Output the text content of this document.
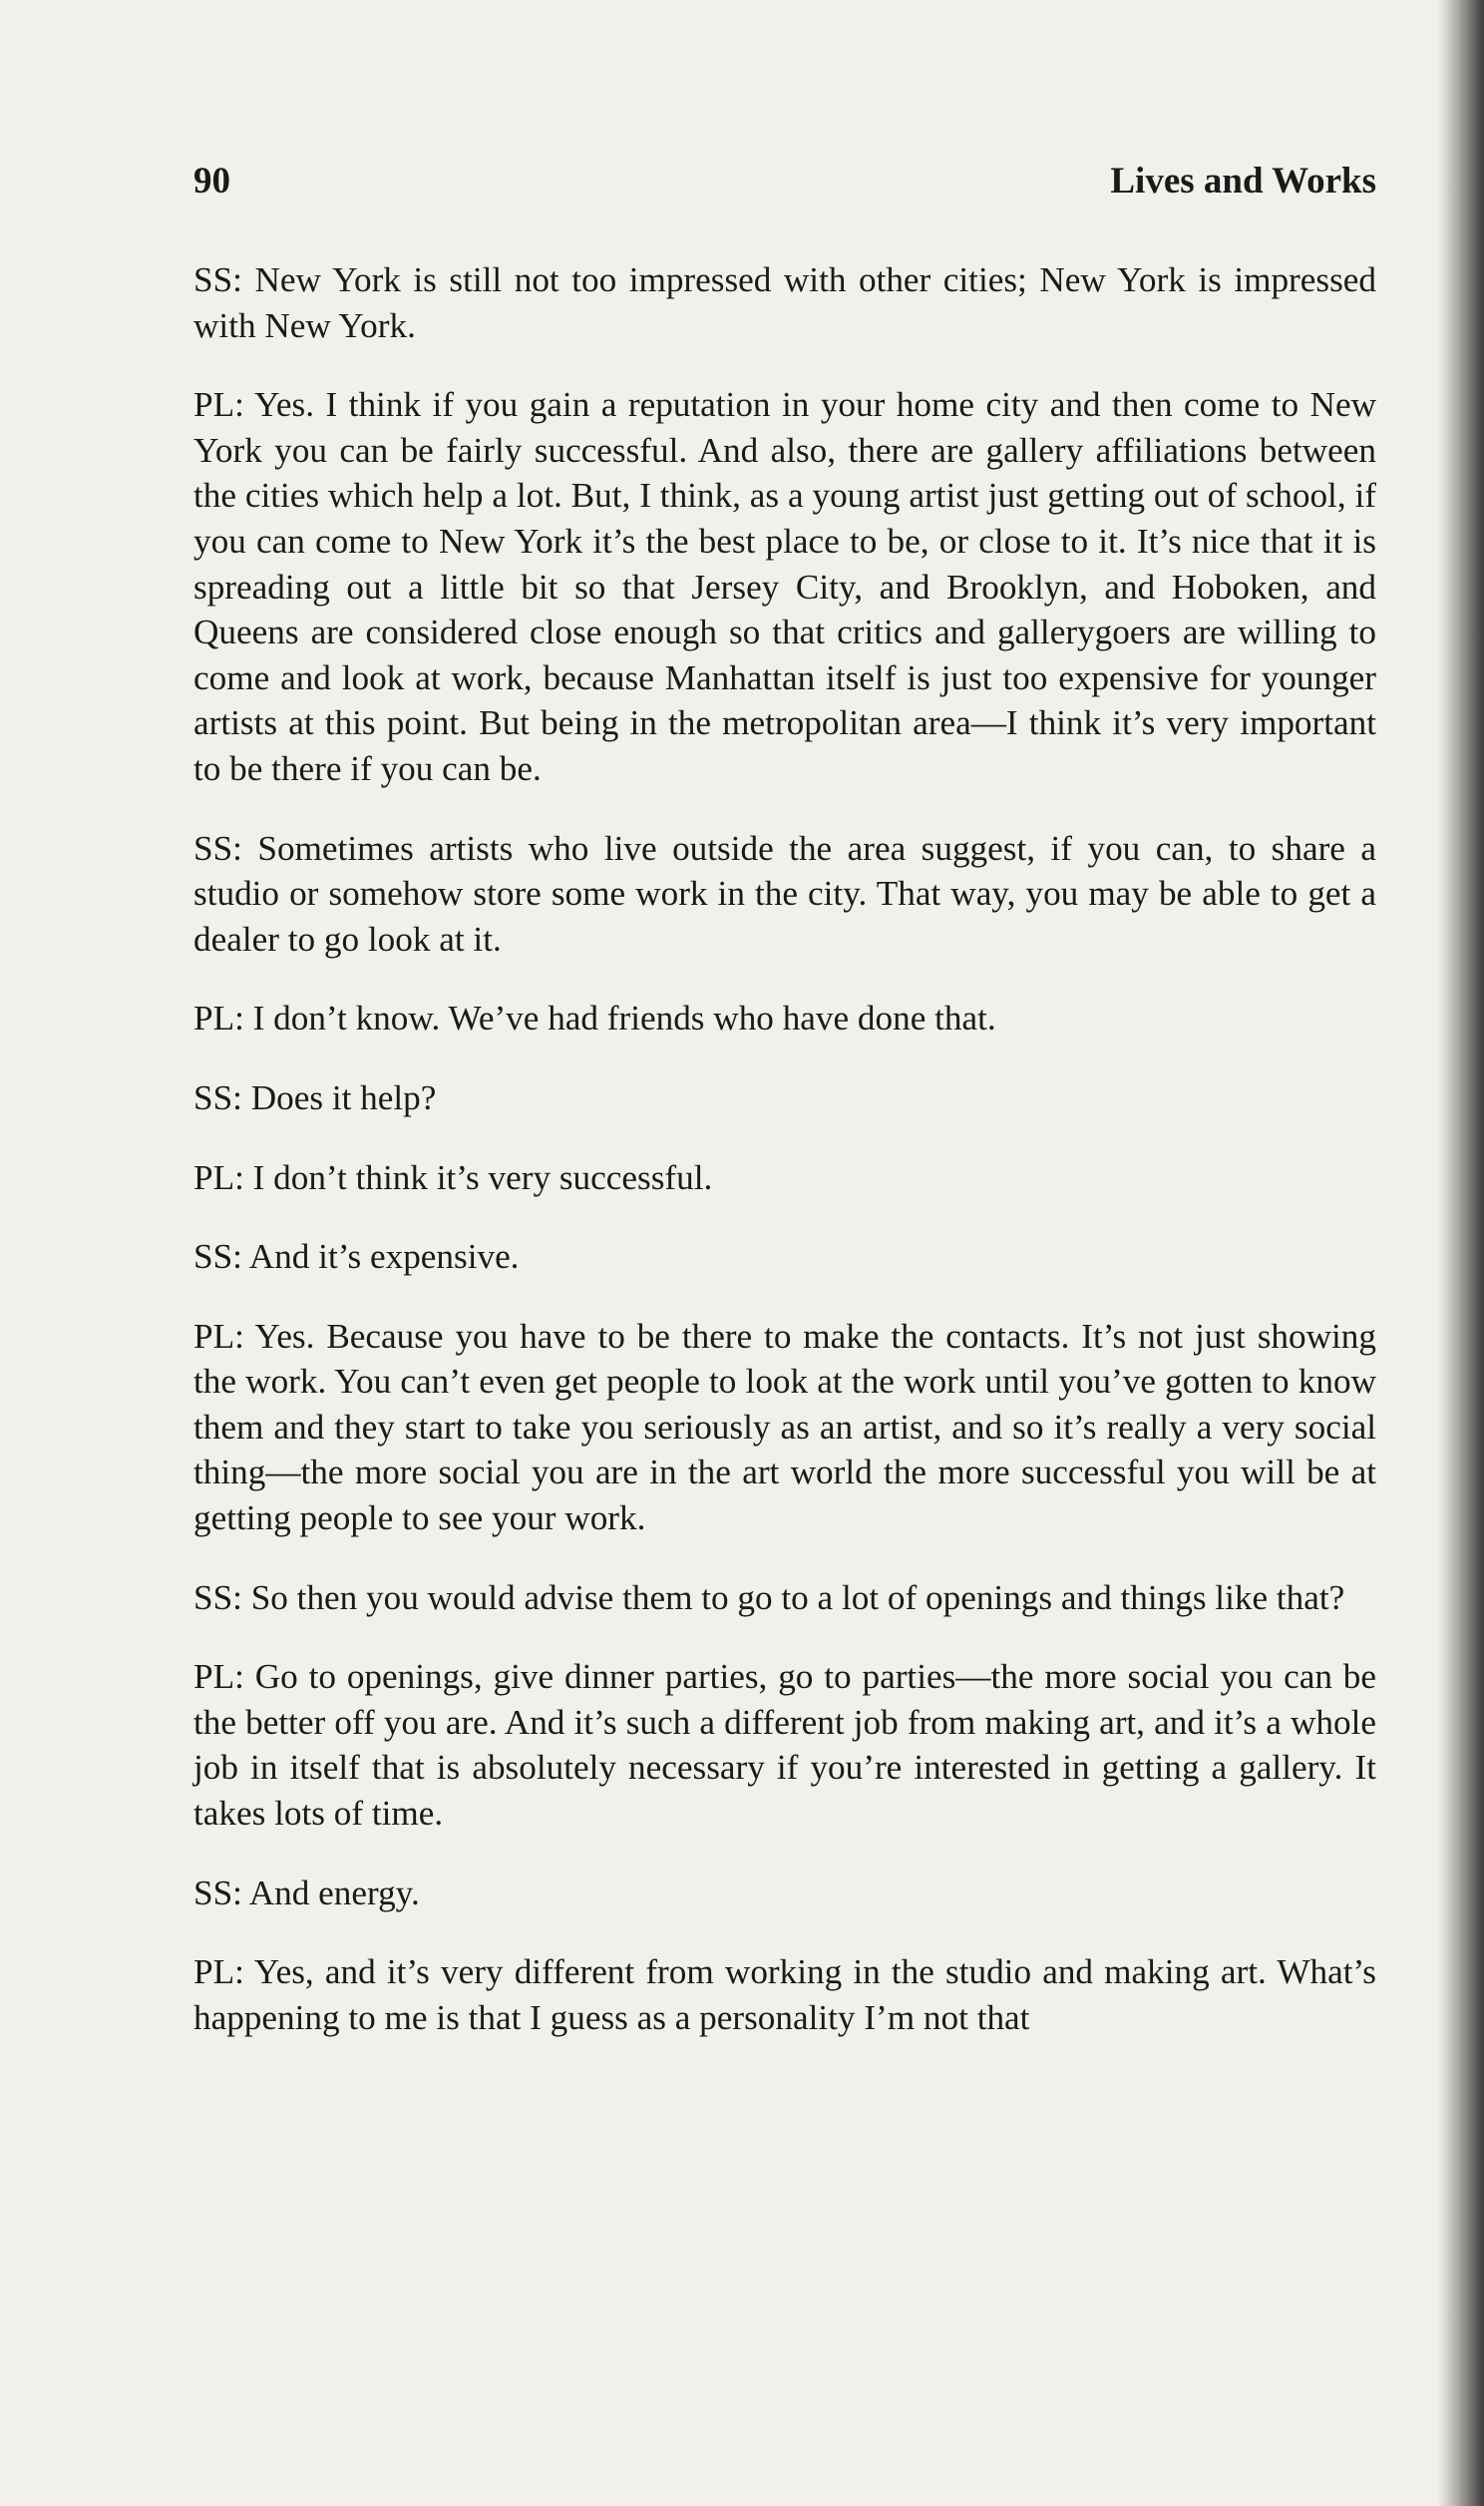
90	Lives and Works

SS: New York is still not too impressed with other cities; New York is impressed with New York.

PL: Yes. I think if you gain a reputation in your home city and then come to New York you can be fairly successful. And also, there are gallery affiliations between the cities which help a lot. But, I think, as a young artist just getting out of school, if you can come to New York it’s the best place to be, or close to it. It’s nice that it is spreading out a little bit so that Jersey City, and Brooklyn, and Hoboken, and Queens are considered close enough so that critics and gallerygoers are willing to come and look at work, because Manhattan itself is just too expensive for younger artists at this point. But being in the metropolitan area—I think it’s very important to be there if you can be.

SS: Sometimes artists who live outside the area suggest, if you can, to share a studio or somehow store some work in the city. That way, you may be able to get a dealer to go look at it.

PL: I don’t know. We’ve had friends who have done that.

SS: Does it help?

PL: I don’t think it’s very successful.

SS: And it’s expensive.

PL: Yes. Because you have to be there to make the contacts. It’s not just showing the work. You can’t even get people to look at the work until you’ve gotten to know them and they start to take you seriously as an artist, and so it’s really a very social thing—the more social you are in the art world the more successful you will be at getting people to see your work.

SS: So then you would advise them to go to a lot of openings and things like that?

PL: Go to openings, give dinner parties, go to parties—the more social you can be the better off you are. And it’s such a different job from making art, and it’s a whole job in itself that is absolutely necessary if you’re interested in getting a gallery. It takes lots of time.

SS: And energy.

PL: Yes, and it’s very different from working in the studio and making art. What’s happening to me is that I guess as a personality I’m not that
